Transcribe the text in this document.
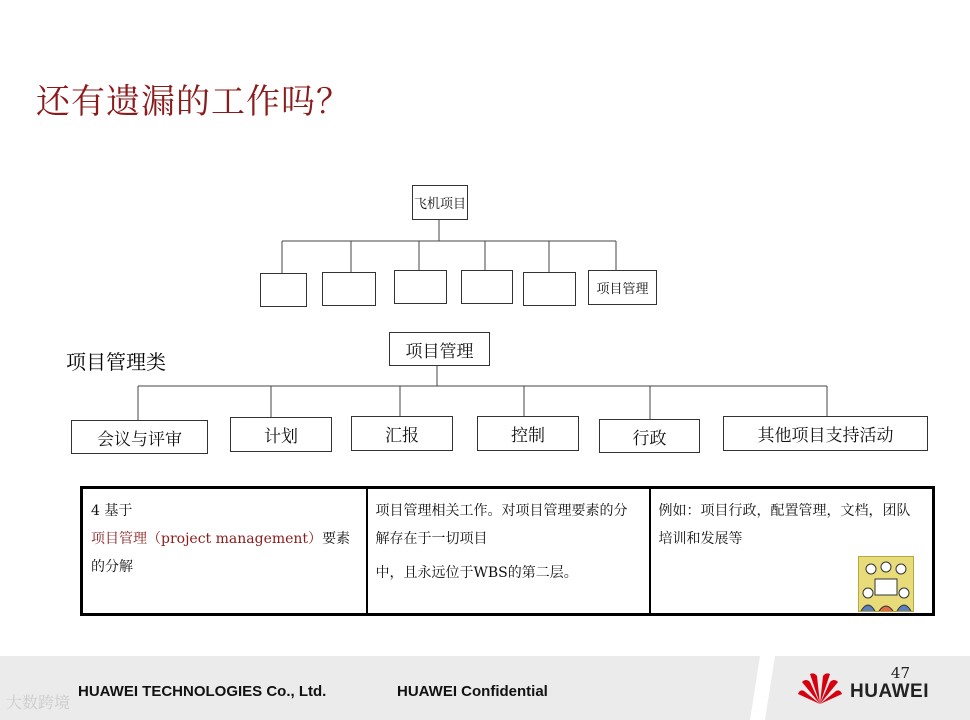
还有遗漏的工作吗？
飞机项目
项目管理
项目管理类	项目管理
会议与评审	计划	汇报	控制	行政	其他项目支持活动
4 基于项目管理（project management）要素的分解	
项目管理相关工作。对项目管理要素的分解存在于一切项目
中，且永远位于WBS的第二层。

例如：项目行政，配置管理，文档，团队培训和发展等
HUAWEI TECHNOLOGIES Co., Ltd.	HUAWEI Confidential
47
HUAWEI
大数跨境
